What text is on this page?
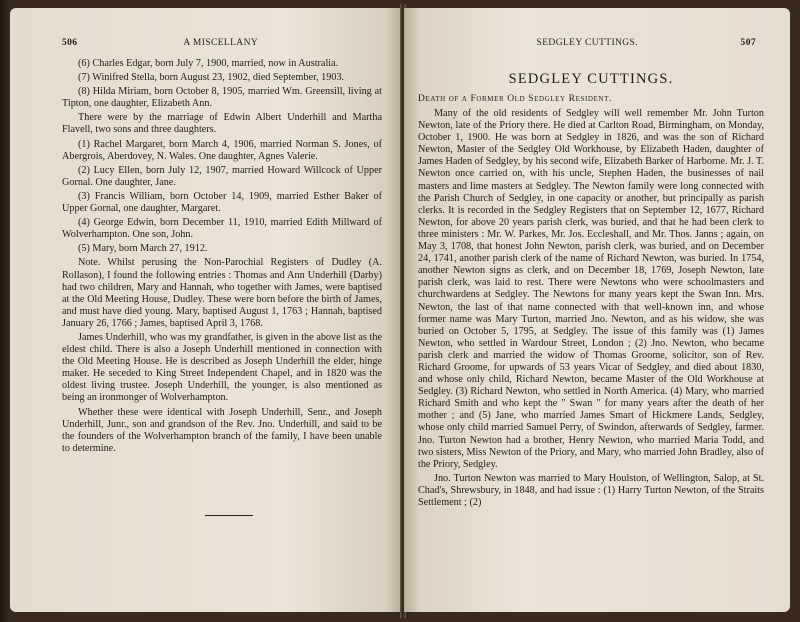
506	A MISCELLANY

(6) Charles Edgar, born July 7, 1900, married, now in Australia.

(7) Winifred Stella, born August 23, 1902, died September, 1903.

(8) Hilda Miriam, born October 8, 1905, married Wm. Greensill, living at Tipton, one daughter, Elizabeth Ann.

There were by the marriage of Edwin Albert Underhill and Martha Flavell, two sons and three daughters.

(1) Rachel Margaret, born March 4, 1906, married Norman S. Jones, of Abergrois, Aberdovey, N. Wales. One daughter, Agnes Valerie.

(2) Lucy Ellen, born July 12, 1907, married Howard Willcock of Upper Gornal. One daughter, Jane.

(3) Francis William, born October 14, 1909, married Esther Baker of Upper Gornal, one daughter, Margaret.

(4) George Edwin, born December 11, 1910, married Edith Millward of Wolverhampton. One son, John.

(5) Mary, born March 27, 1912.

Note. Whilst perusing the Non-Parochial Registers of Dudley (A. Rollason), I found the following entries : Thomas and Ann Underhill (Darby) had two children, Mary and Hannah, who together with James, were baptised at the Old Meeting House, Dudley. These were born before the birth of James, and must have died young. Mary, baptised August 1, 1763 ; Hannah, baptised January 26, 1766 ; James, baptised April 3, 1768.

James Underhill, who was my grandfather, is given in the above list as the eldest child. There is also a Joseph Underhill mentioned in connection with the Old Meeting House. He is described as Joseph Underhill the elder, hinge maker. He seceded to King Street Independent Chapel, and in 1820 was the oldest living trustee. Joseph Underhill, the younger, is also mentioned as being an ironmonger of Wolverhampton.

Whether these were identical with Joseph Underhill, Senr., and Joseph Underhill, Junr., son and grandson of the Rev. Jno. Underhill, and said to be the founders of the Wolverhampton branch of the family, I have been unable to determine.

SEDGLEY CUTTINGS.	507
SEDGLEY CUTTINGS.
Death of a Former Old Sedgley Resident.

Many of the old residents of Sedgley will well remember Mr. John Turton Newton, late of the Priory there. He died at Carlton Road, Birmingham, on Monday, October 1, 1900. He was born at Sedgley in 1826, and was the son of Richard Newton, Master of the Sedgley Old Workhouse, by Elizabeth Haden, daughter of James Haden of Sedgley, by his second wife, Elizabeth Barker of Harborne. Mr. J. T. Newton once carried on, with his uncle, Stephen Haden, the businesses of nail masters and lime masters at Sedgley. The Newton family were long connected with the Parish Church of Sedgley, in one capacity or another, but principally as parish clerks. It is recorded in the Sedgley Registers that on September 12, 1677, Richard Newton, for above 20 years parish clerk, was buried, and that he had been clerk to three ministers : Mr. W. Parkes, Mr. Jos. Eccleshall, and Mr. Thos. Janns ; again, on May 3, 1708, that honest John Newton, parish clerk, was buried, and on December 24, 1741, another parish clerk of the name of Richard Newton, was buried. In 1754, another Newton signs as clerk, and on December 18, 1769, Joseph Newton, late parish clerk, was laid to rest. There were Newtons who were schoolmasters and churchwardens at Sedgley. The Newtons for many years kept the Swan Inn. Mrs. Newton, the last of that name connected with that well-known inn, and whose former name was Mary Turton, married Jno. Newton, and as his widow, she was buried on October 5, 1795, at Sedgley. The issue of this family was (1) James Newton, who settled in Wardour Street, London ; (2) Jno. Newton, who became parish clerk and married the widow of Thomas Groome, solicitor, son of Rev. Richard Groome, for upwards of 53 years Vicar of Sedgley, and died about 1830, and whose only child, Richard Newton, became Master of the Old Workhouse at Sedgley. (3) Richard Newton, who settled in North America. (4) Mary, who married Richard Smith and who kept the " Swan " for many years after the death of her mother ; and (5) Jane, who married James Smart of Hickmere Lands, Sedgley, whose only child married Samuel Perry, of Swindon, afterwards of Sedgley, farmer. Jno. Turton Newton had a brother, Henry Newton, who married Maria Todd, and two sisters, Miss Newton of the Priory, and Mary, who married John Bradley, also of the Priory, Sedgley.

Jno. Turton Newton was married to Mary Houlston, of Wellington, Salop, at St. Chad's, Shrewsbury, in 1848, and had issue : (1) Harry Turton Newton, of the Straits Settlement ; (2)
